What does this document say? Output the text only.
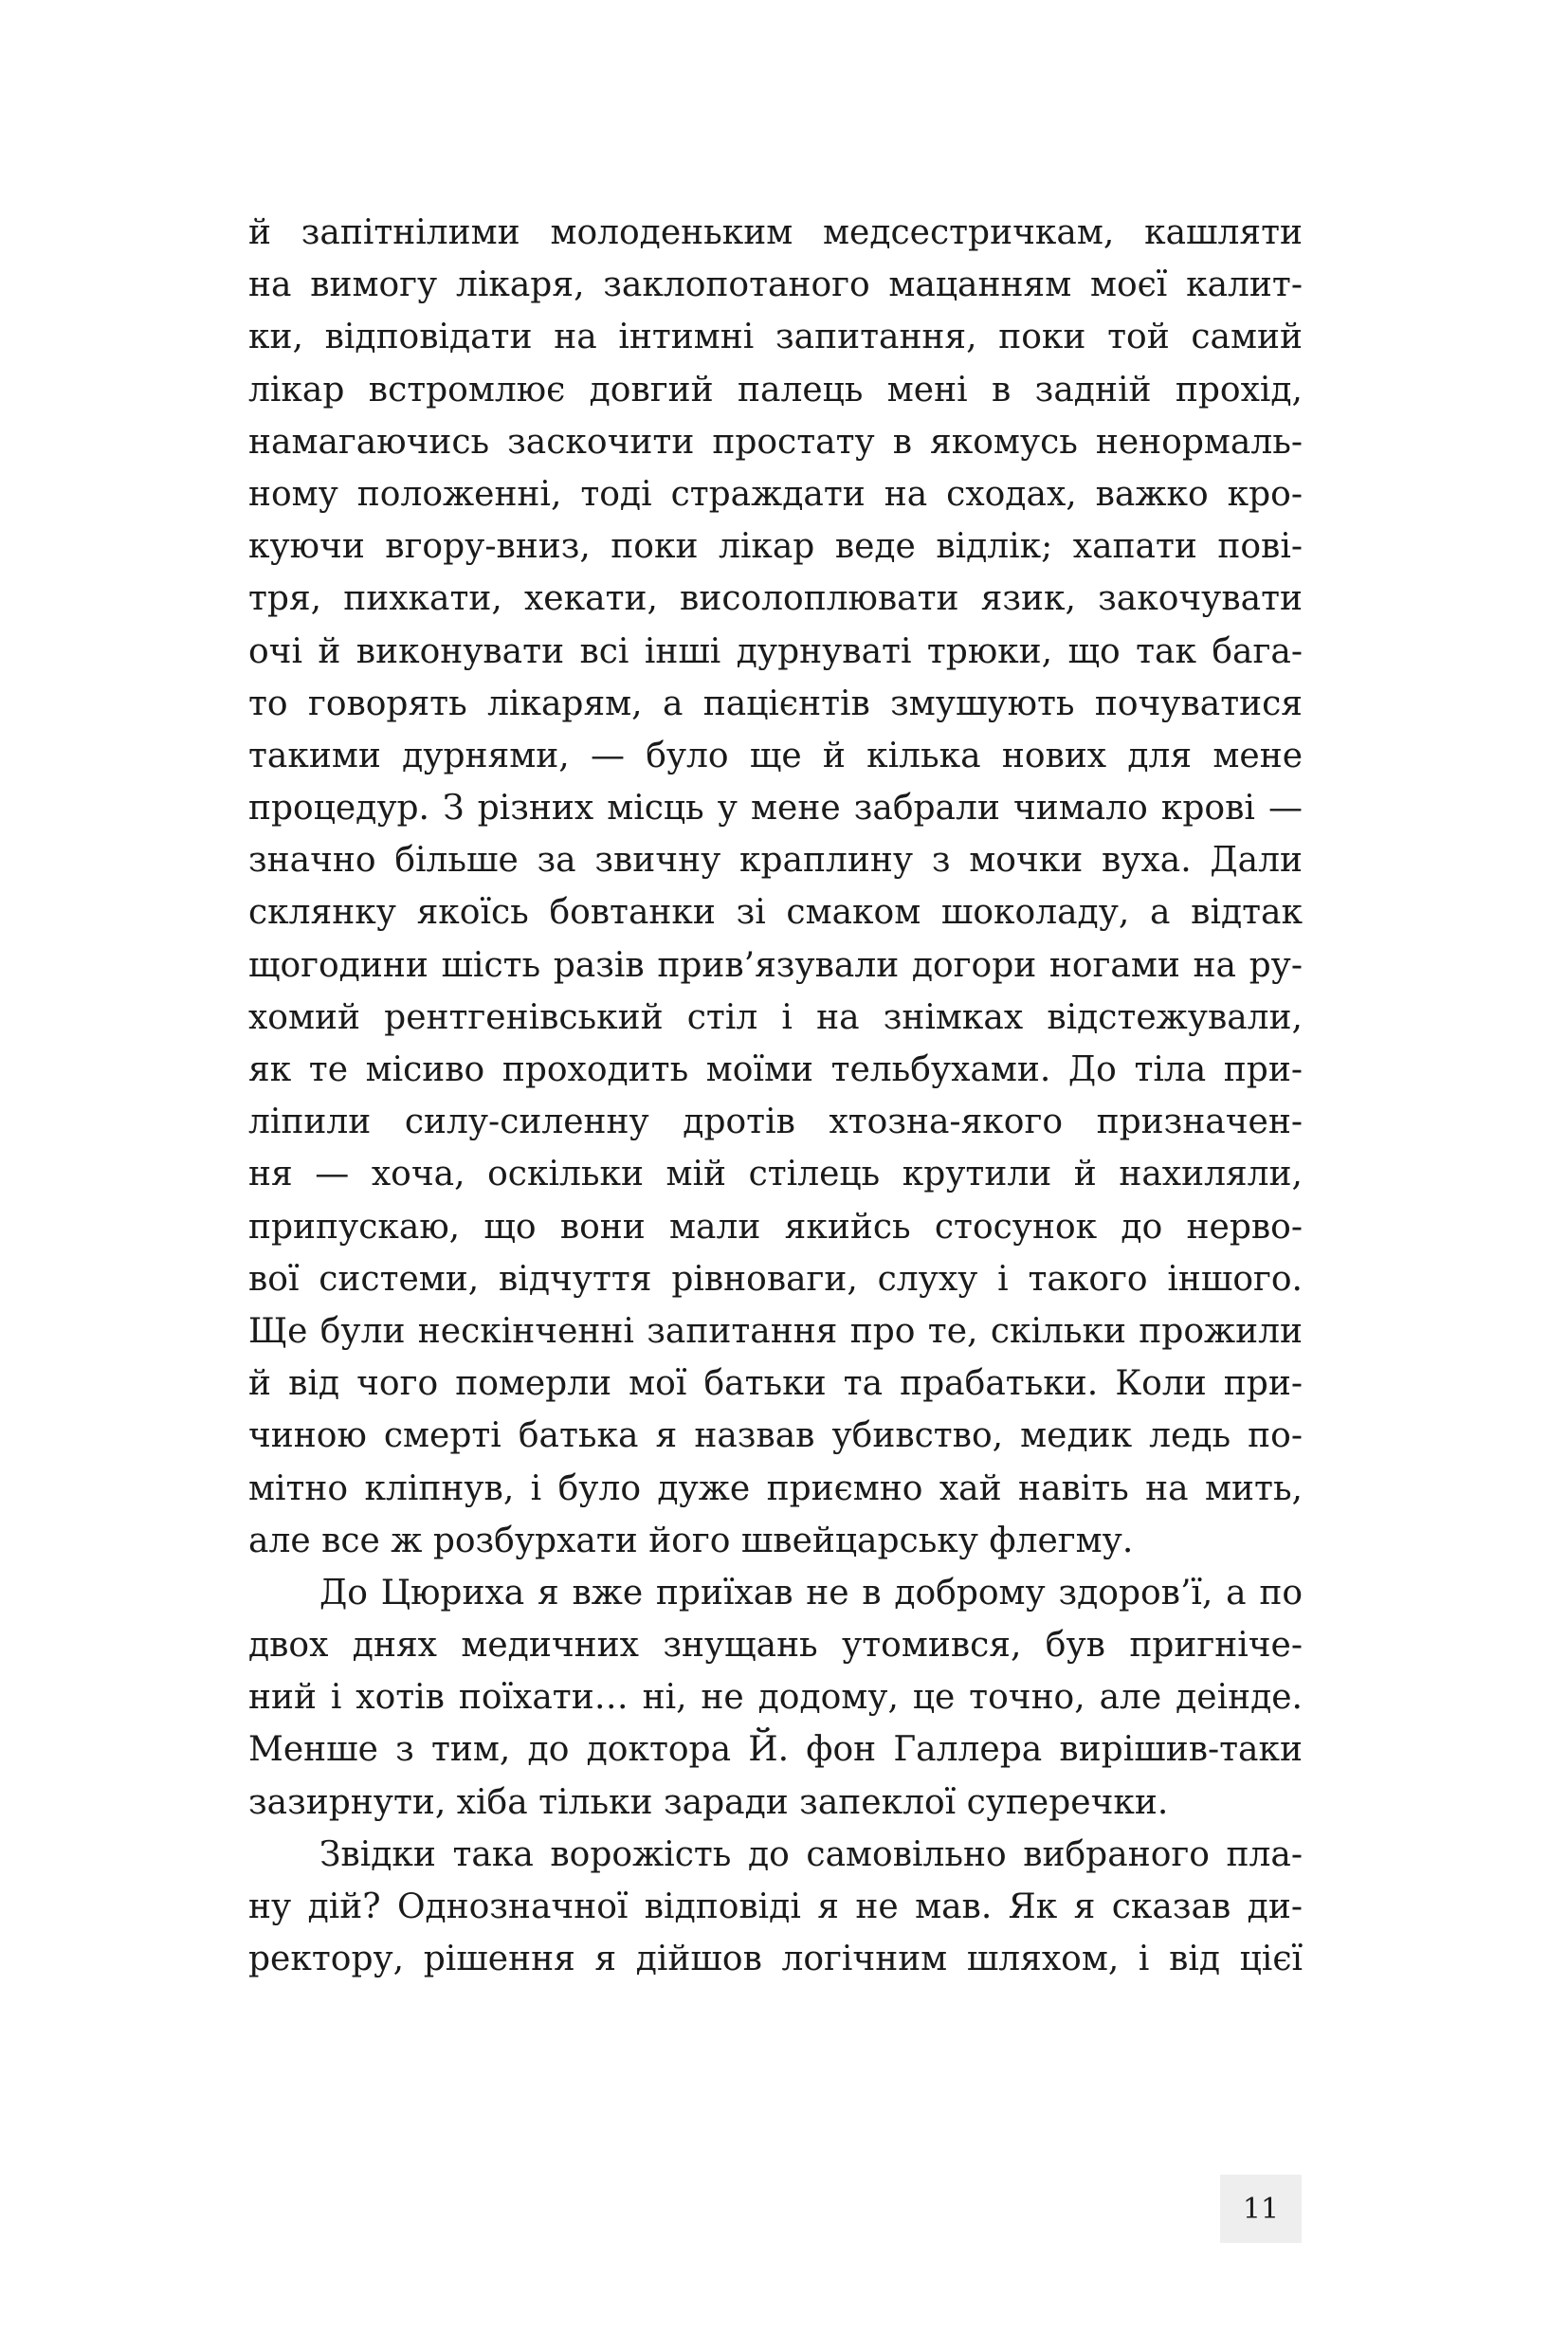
й запітнілими молоденьким медсестричкам, кашляти
на вимогу лікаря, заклопотаного мацанням моєї калит-
ки, відповідати на інтимні запитання, поки той самий
лікар встромлює довгий палець мені в задній прохід,
намагаючись заскочити простату в якомусь ненормаль-
ному положенні, тоді страждати на сходах, важко кро-
куючи вгору-вниз, поки лікар веде відлік; хапати пові-
тря, пихкати, хекати, висолоплювати язик, закочувати
очі й виконувати всі інші дурнуваті трюки, що так бага-
то говорять лікарям, а пацієнтів змушують почуватися
такими дурнями, — було ще й кілька нових для мене
процедур. З різних місць у мене забрали чимало крові —
значно більше за звичну краплину з мочки вуха. Дали
склянку якоїсь бовтанки зі смаком шоколаду, а відтак
щогодини шість разів прив’язували догори ногами на ру-
хомий рентгенівський стіл і на знімках відстежували,
як те місиво проходить моїми тельбухами. До тіла при-
ліпили силу-силенну дротів хтозна-якого призначен-
ня — хоча, оскільки мій стілець крутили й нахиляли,
припускаю, що вони мали якийсь стосунок до нерво-
вої системи, відчуття рівноваги, слуху і такого іншого.
Ще були нескінченні запитання про те, скільки прожили
й від чого померли мої батьки та прабатьки. Коли при-
чиною смерті батька я назвав убивство, медик ледь по-
мітно кліпнув, і було дуже приємно хай навіть на мить,
але все ж розбурхати його швейцарську флегму.
До Цюриха я вже приїхав не в доброму здоров’ї, а по
двох днях медичних знущань утомився, був пригніче-
ний і хотів поїхати… ні, не додому, це точно, але деінде.
Менше з тим, до доктора Й. фон Галлера вирішив-таки
зазирнути, хіба тільки заради запеклої суперечки.
Звідки така ворожість до самовільно вибраного пла-
ну дій? Однозначної відповіді я не мав. Як я сказав ди-
ректору, рішення я дійшов логічним шляхом, і від цієї
11
